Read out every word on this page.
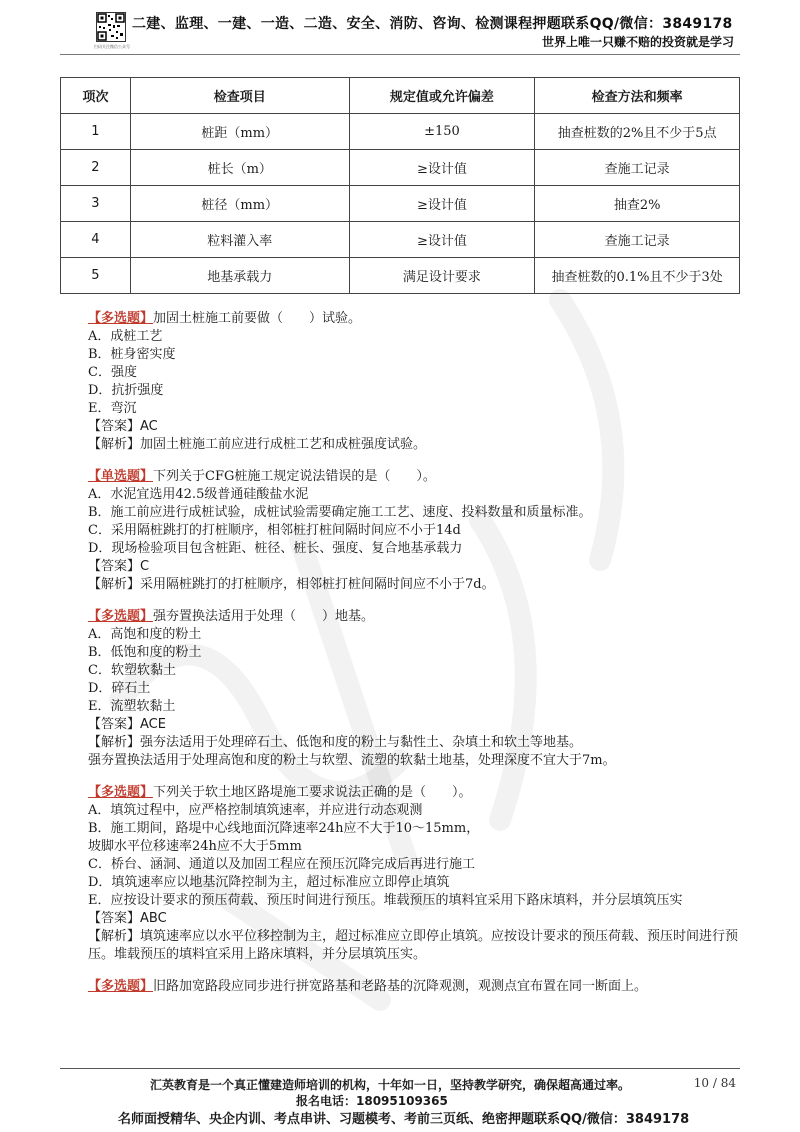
扫码关注微信公众号
二建、监理、一建、一造、二造、安全、消防、咨询、检测课程押题联系QQ/微信：3849178
世界上唯一只赚不赔的投资就是学习
项次	检查项目	规定值或允许偏差	检查方法和频率
1	桩距（mm）	±150	抽查桩数的2%且不少于5点
2	桩长（m）	≥设计值	查施工记录
3	桩径（mm）	≥设计值	抽查2%
4	粒料灌入率	≥设计值	查施工记录
5	地基承载力	满足设计要求	抽查桩数的0.1%且不少于3处

【多选题】加固土桩施工前要做（　　）试验。

A．成桩工艺

B．桩身密实度

C．强度

D．抗折强度

E．弯沉

【答案】AC

【解析】加固土桩施工前应进行成桩工艺和成桩强度试验。

【单选题】下列关于CFG桩施工规定说法错误的是（　　）。

A．水泥宜选用42.5级普通硅酸盐水泥

B．施工前应进行成桩试验，成桩试验需要确定施工工艺、速度、投料数量和质量标准。

C．采用隔桩跳打的打桩顺序，相邻桩打桩间隔时间应不小于14d

D．现场检验项目包含桩距、桩径、桩长、强度、复合地基承载力

【答案】C

【解析】采用隔桩跳打的打桩顺序，相邻桩打桩间隔时间应不小于7d。

【多选题】强夯置换法适用于处理（　　）地基。

A．高饱和度的粉土

B．低饱和度的粉土

C．软塑软黏土

D．碎石土

E．流塑软黏土

【答案】ACE

【解析】强夯法适用于处理碎石土、低饱和度的粉土与黏性土、杂填土和软土等地基。

强夯置换法适用于处理高饱和度的粉土与软塑、流塑的软黏土地基，处理深度不宜大于7m。

【多选题】下列关于软土地区路堤施工要求说法正确的是（　　）。

A．填筑过程中，应严格控制填筑速率，并应进行动态观测

B．施工期间，路堤中心线地面沉降速率24h应不大于10～15mm，

坡脚水平位移速率24h应不大于5mm

C．桥台、涵洞、通道以及加固工程应在预压沉降完成后再进行施工

D．填筑速率应以地基沉降控制为主，超过标准应立即停止填筑

E．应按设计要求的预压荷载、预压时间进行预压。堆载预压的填料宜采用下路床填料，并分层填筑压实

【答案】ABC

【解析】填筑速率应以水平位移控制为主，超过标准应立即停止填筑。应按设计要求的预压荷载、预压时间进行预压。堆载预压的填料宜采用上路床填料，并分层填筑压实。

【多选题】旧路加宽路段应同步进行拼宽路基和老路基的沉降观测，观测点宜布置在同一断面上。

汇英教育是一个真正懂建造师培训的机构，十年如一日，坚持教学研究，确保超高通过率。	10 / 84
报名电话：18095109365
名师面授精华、央企内训、考点串讲、习题模考、考前三页纸、绝密押题联系QQ/微信：3849178
